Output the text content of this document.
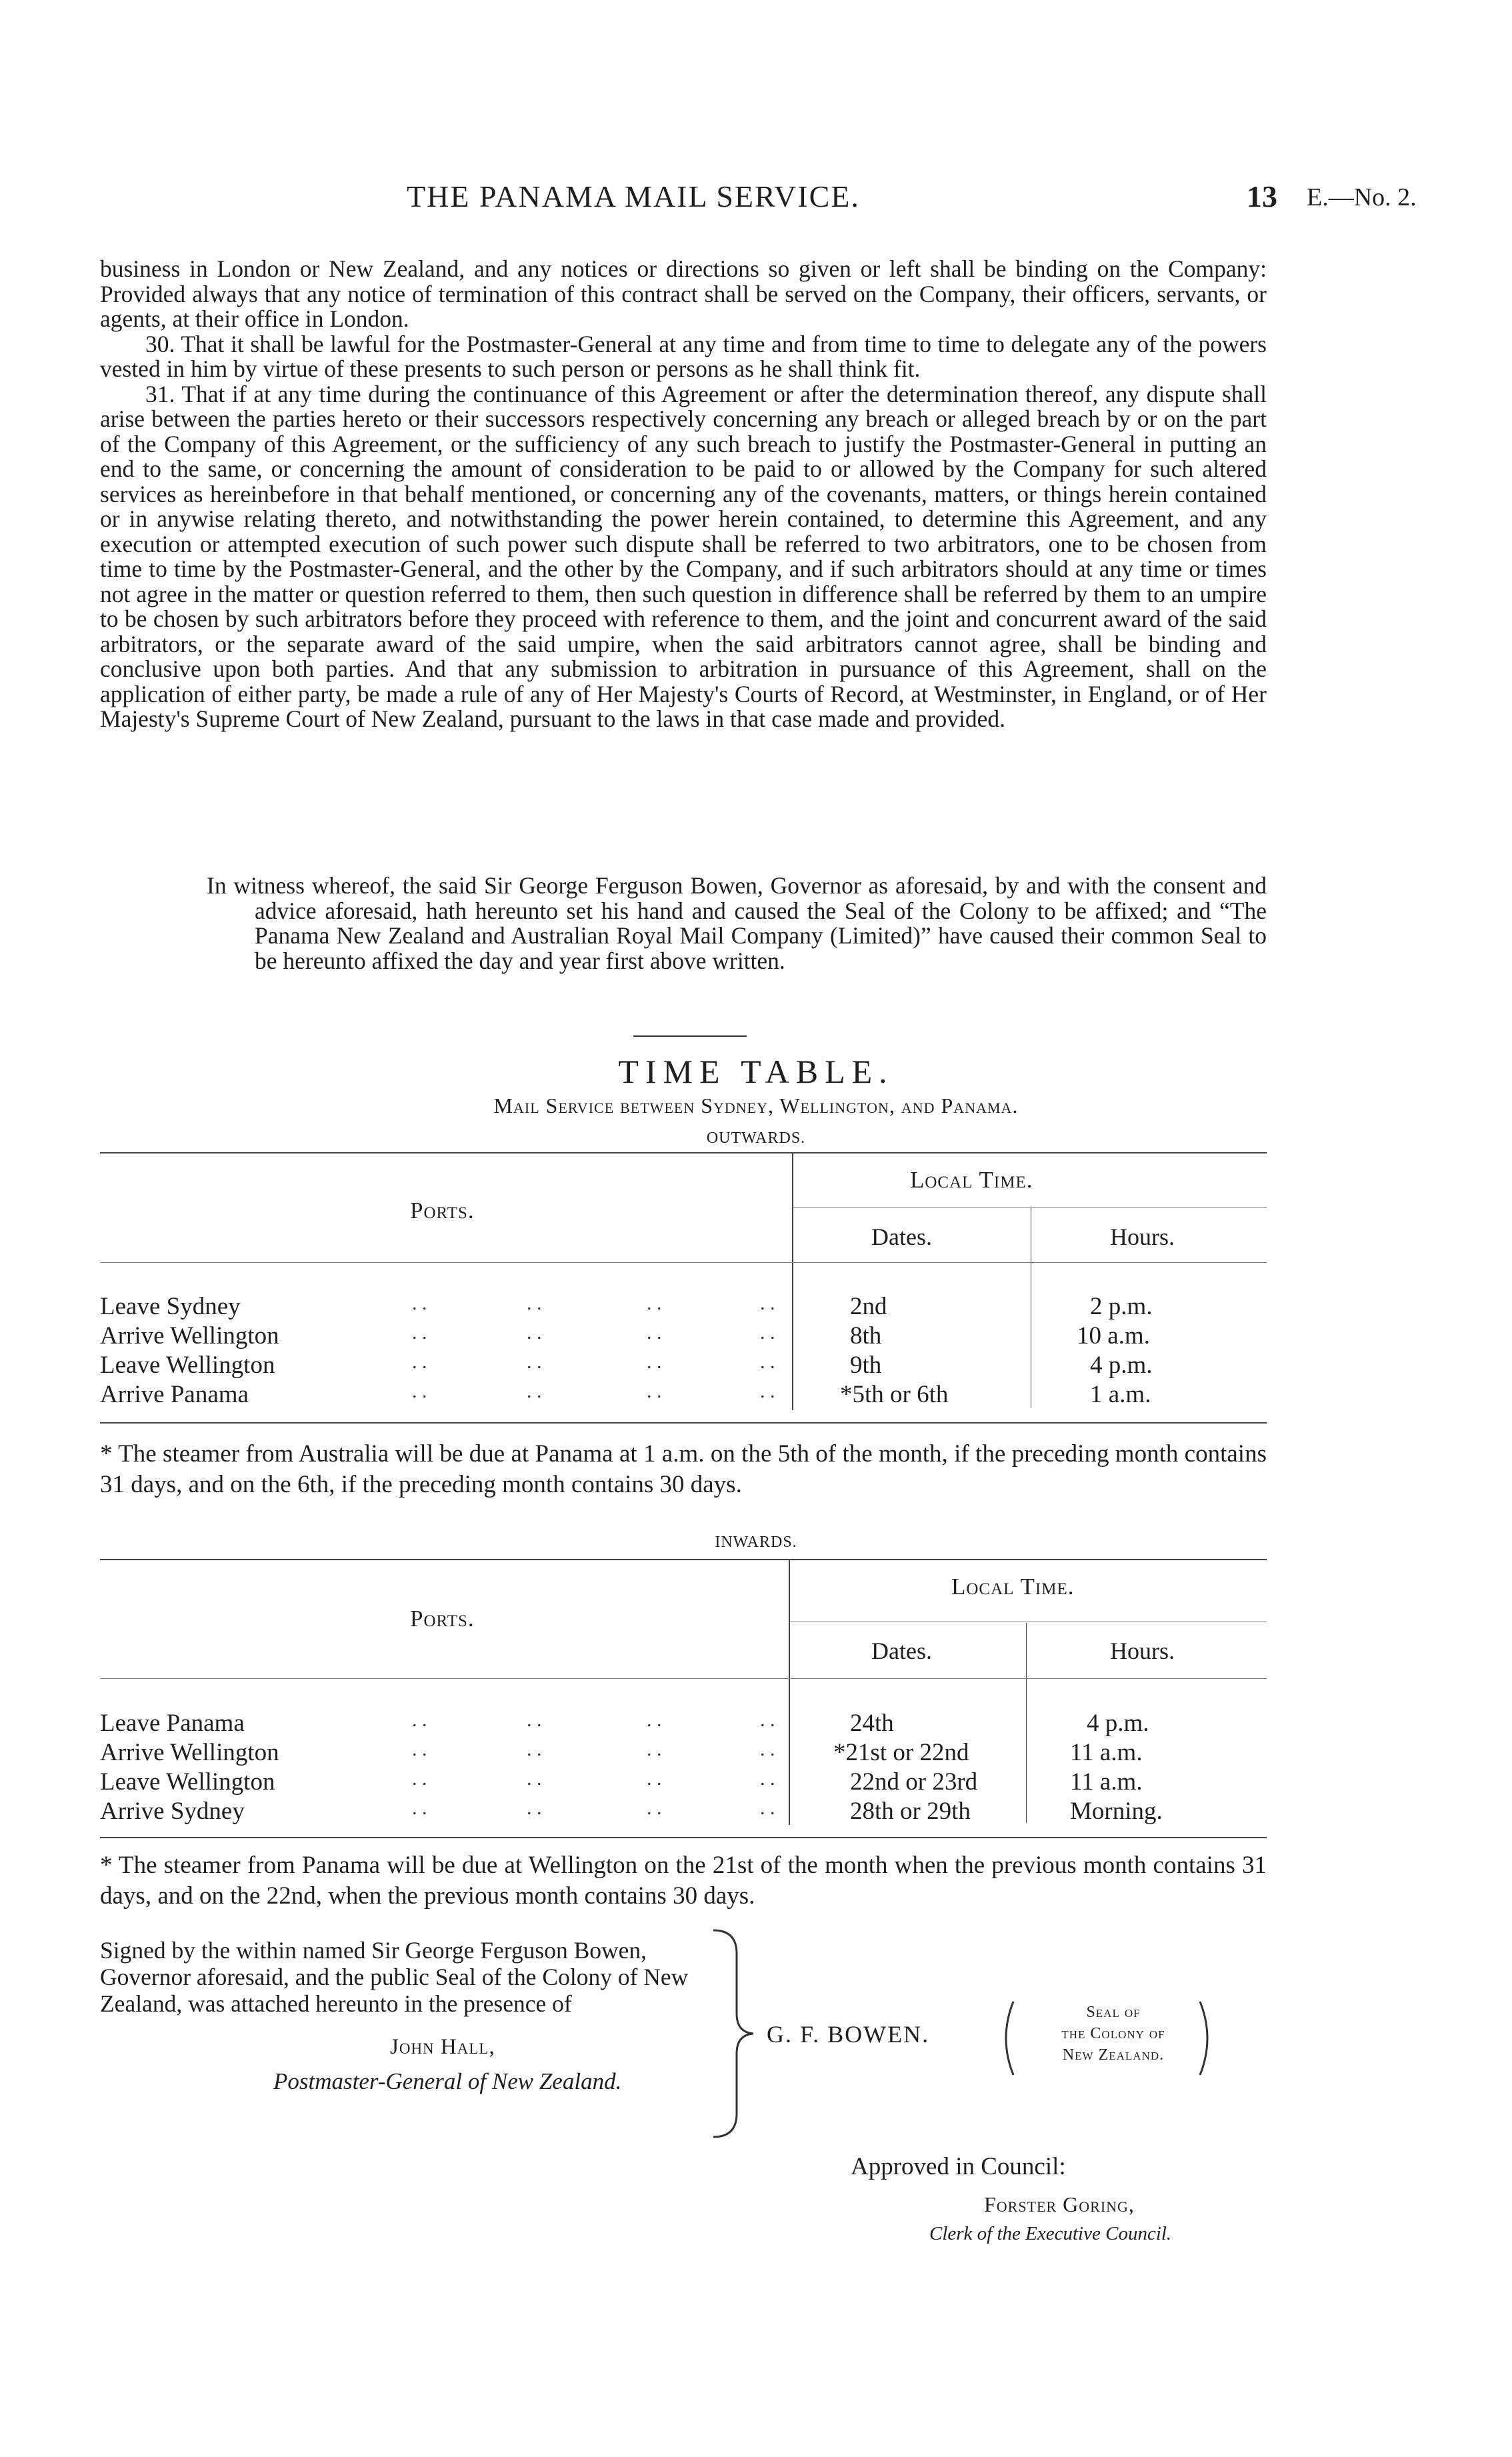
THE PANAMA MAIL SERVICE.	13 E.—No. 2.

business in London or New Zealand, and any notices or directions so given or left shall be binding on the Company: Provided always that any notice of termination of this contract shall be served on the Company, their officers, servants, or agents, at their office in London.

30. That it shall be lawful for the Postmaster-General at any time and from time to time to delegate any of the powers vested in him by virtue of these presents to such person or persons as he shall think fit.

31. That if at any time during the continuance of this Agreement or after the determination thereof, any dispute shall arise between the parties hereto or their successors respectively concerning any breach or alleged breach by or on the part of the Company of this Agreement, or the sufficiency of any such breach to justify the Postmaster-General in putting an end to the same, or concerning the amount of consideration to be paid to or allowed by the Company for such altered services as hereinbefore in that behalf mentioned, or concerning any of the covenants, matters, or things herein contained or in anywise relating thereto, and notwithstanding the power herein contained, to determine this Agreement, and any execution or attempted execution of such power such dispute shall be referred to two arbitrators, one to be chosen from time to time by the Postmaster-General, and the other by the Company, and if such arbitrators should at any time or times not agree in the matter or question referred to them, then such question in difference shall be referred by them to an umpire to be chosen by such arbitrators before they proceed with reference to them, and the joint and concurrent award of the said arbitrators, or the separate award of the said umpire, when the said arbitrators cannot agree, shall be binding and conclusive upon both parties. And that any submission to arbitration in pursuance of this Agreement, shall on the application of either party, be made a rule of any of Her Majesty's Courts of Record, at Westminster, in England, or of Her Majesty's Supreme Court of New Zealand, pursuant to the laws in that case made and provided.

In witness whereof, the said Sir George Ferguson Bowen, Governor as aforesaid, by and with the consent and advice aforesaid, hath hereunto set his hand and caused the Seal of the Colony to be affixed; and “The Panama New Zealand and Australian Royal Mail Company (Limited)” have caused their common Seal to be hereunto affixed the day and year first above written.

TIME TABLE.
Mail Service between Sydney, Wellington, and Panama.
OUTWARDS.
Local Time.
Ports.
Dates.	Hours.
Leave Sydney	. .	. .	. .	. .	2nd	2 p.m.
Arrive Wellington	. .	. .	. .	. .	8th	10 a.m.
Leave Wellington	. .	. .	. .	. .	9th	4 p.m.
Arrive Panama	. .	. .	. .	. .	*5th or 6th	1 a.m.
* The steamer from Australia will be due at Panama at 1 a.m. on the 5th of the month, if the preceding month contains 31 days, and on the 6th, if the preceding month contains 30 days.
INWARDS.
Local Time.
Ports.
Dates.	Hours.
Leave Panama	. .	. .	. .	. .	24th	4 p.m.
Arrive Wellington	. .	. .	. .	. . *21st or 22nd	11 a.m.
Leave Wellington	. .	. .	. .	. .	22nd or 23rd	11 a.m.
Arrive Sydney	. .	. .	. .	. .	28th or 29th	Morning.
* The steamer from Panama will be due at Wellington on the 21st of the month when the previous month contains 31 days, and on the 22nd, when the previous month contains 30 days.

Signed by the within named Sir George Ferguson Bowen, Governor aforesaid, and the public Seal of the Colony of New Zealand, was attached hereunto in the presence of

John Hall,
Postmaster-General of New Zealand.
G. F. BOWEN.
Seal of
the Colony of
New Zealand.
Approved in Council:
Forster Goring,
Clerk of the Executive Council.
